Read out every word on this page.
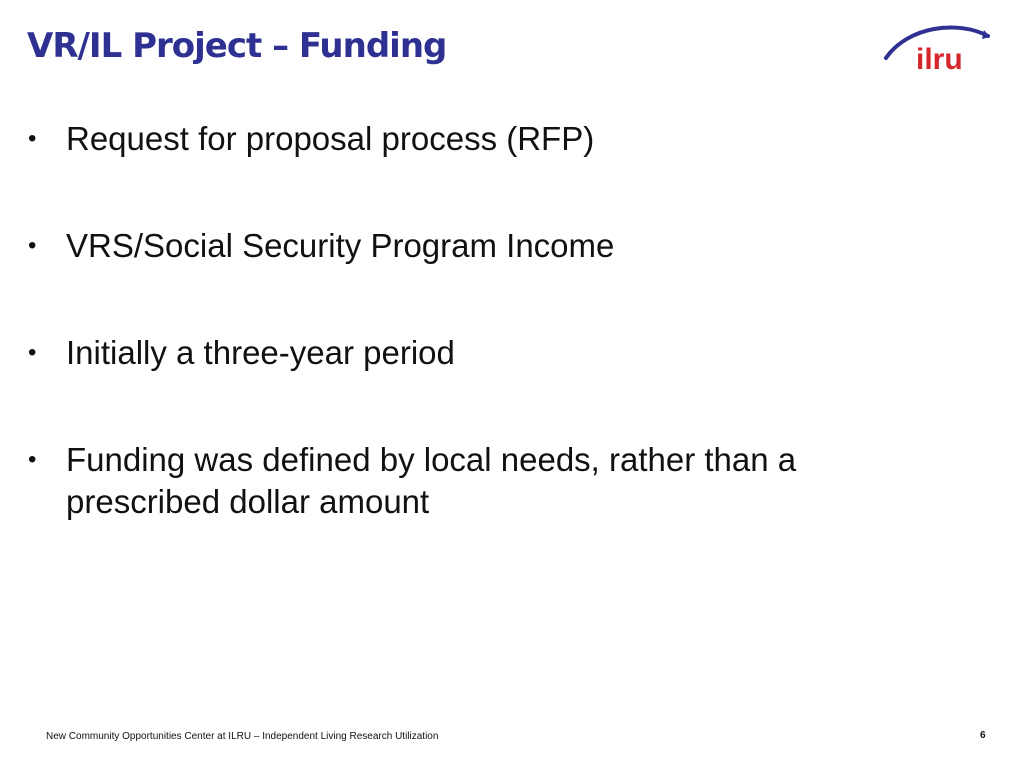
VR/IL Project – Funding	ilru
• Request for proposal process (RFP)
• VRS/Social Security Program Income
• Initially a three-year period
• Funding was defined by local needs, rather than a prescribed dollar amount
New Community Opportunities Center at ILRU – Independent Living Research Utilization	6
